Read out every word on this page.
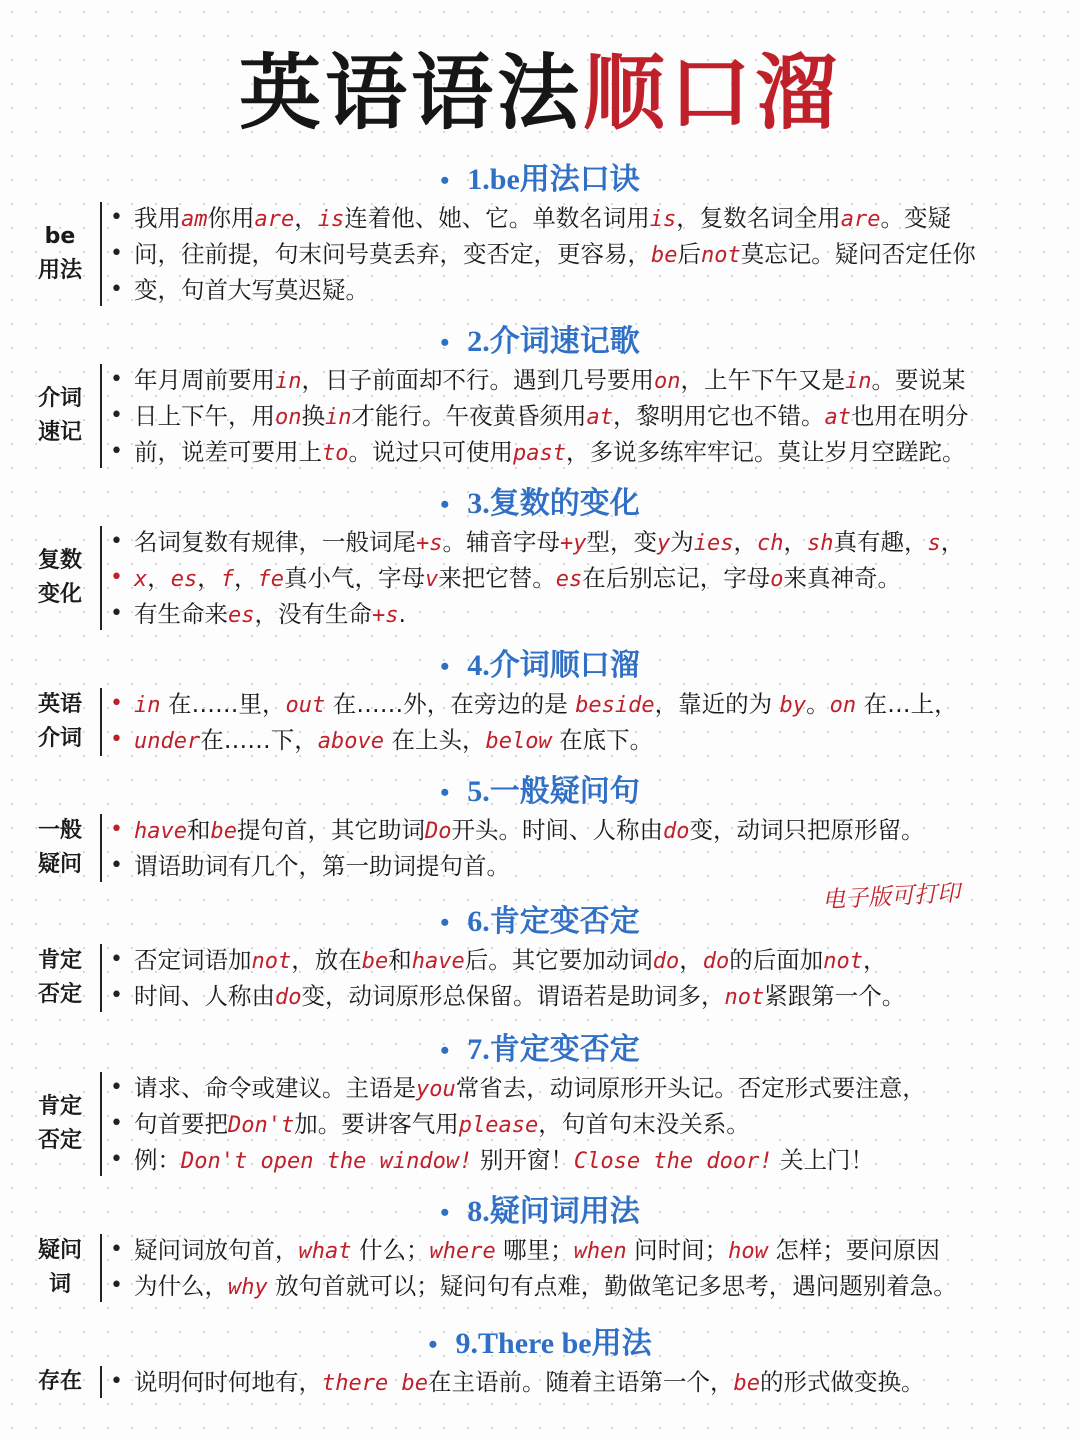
英语语法顺口溜
• 1.be用法口诀
be
用法
• 我用am你用are，is连着他、她、它。单数名词用is，复数名词全用are。变疑
• 问，往前提，句末问号莫丢弃，变否定，更容易，be后not莫忘记。疑问否定任你
• 变，句首大写莫迟疑。
• 2.介词速记歌
介词
速记
• 年月周前要用in，日子前面却不行。遇到几号要用on，上午下午又是in。要说某
• 日上下午，用on换in才能行。午夜黄昏须用at，黎明用它也不错。at也用在明分
• 前，说差可要用上to。说过只可使用past，多说多练牢牢记。莫让岁月空蹉跎。
• 3.复数的变化
复数
变化
• 名词复数有规律，一般词尾+s。辅音字母+y型，变y为ies，ch，sh真有趣，s，
• x，es，f，fe真小气，字母v来把它替。es在后别忘记，字母o来真神奇。
• 有生命来es，没有生命+s.
• 4.介词顺口溜
英语
介词
• in 在……里，out 在……外，在旁边的是 beside，靠近的为 by。on 在…上，
• under在……下，above 在上头，below 在底下。
• 5.一般疑问句
一般
疑问
• have和be提句首，其它助词Do开头。时间、人称由do变，动词只把原形留。
• 谓语助词有几个，第一助词提句首。
• 6.肯定变否定
肯定
否定
• 否定词语加not，放在be和have后。其它要加动词do，do的后面加not，
• 时间、人称由do变，动词原形总保留。谓语若是助词多，not紧跟第一个。
• 7.肯定变否定
肯定
否定
• 请求、命令或建议。主语是you常省去，动词原形开头记。否定形式要注意，
• 句首要把Don't加。要讲客气用please，句首句末没关系。
• 例：Don't open the window! 别开窗！Close the door! 关上门！
• 8.疑问词用法
疑问
词
• 疑问词放句首，what 什么；where 哪里；when 问时间；how 怎样；要问原因
• 为什么，why 放句首就可以；疑问句有点难，勤做笔记多思考，遇问题别着急。
• 9.There be用法
存在 • 说明何时何地有，there be在主语前。随着主语第一个，be的形式做变换。
电子版可打印
